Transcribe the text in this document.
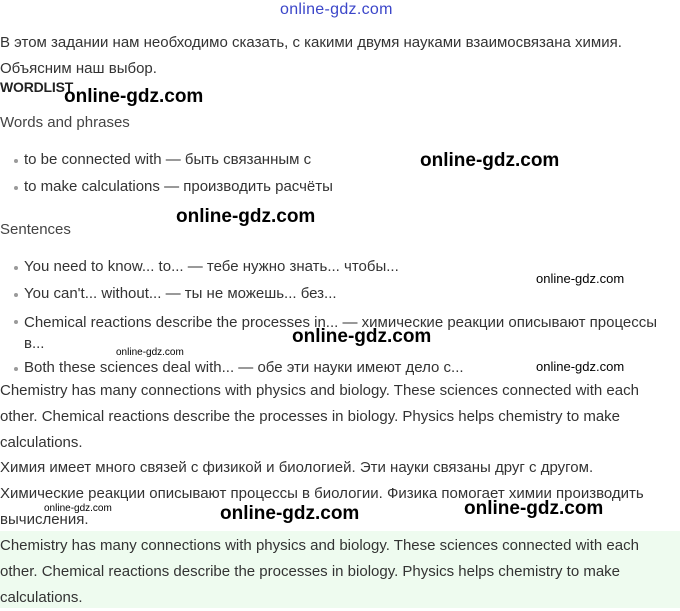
В этом задании нам необходимо сказать, с какими двумя науками взаимосвязана химия. Объясним наш выбор.

WORDLIST
Words and phrases
to be connected with — быть связанным с
to make calculations — производить расчёты
Sentences
You need to know... to... — тебе нужно знать... чтобы...
You can't... without... — ты не можешь... без...
Chemical reactions describe the processes in... — химические реакции описывают процессы в...
Both these sciences deal with... — обе эти науки имеют дело с...
Chemistry has many connections with physics and biology. These sciences connected with each other. Chemical reactions describe the processes in biology. Physics helps chemistry to make calculations.
Химия имеет много связей с физикой и биологией. Эти науки связаны друг с другом. Химические реакции описывают процессы в биологии. Физика помогает химии производить вычисления.
Chemistry has many connections with physics and biology. These sciences connected with each other. Chemical reactions describe the processes in biology. Physics helps chemistry to make calculations.
online-gdz.com
online-gdz.com
online-gdz.com
online-gdz.com
online-gdz.com
online-gdz.com
online-gdz.com
online-gdz.com
online-gdz.com	online-gdz.com	online-gdz.com
